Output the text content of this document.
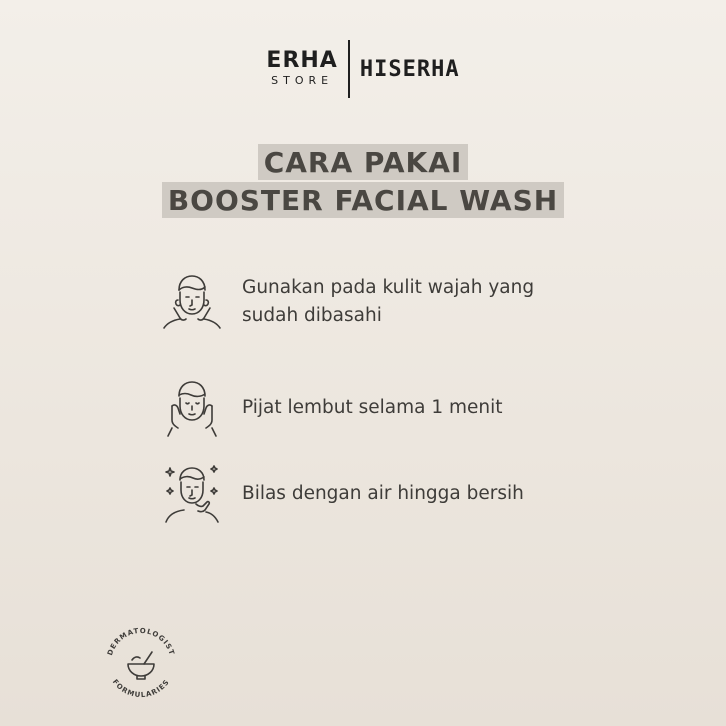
ERHA
STORE HISERHA
CARA PAKAI
BOOSTER FACIAL WASH
Gunakan pada kulit wajah yang sudah dibasahi
Pijat lembut selama 1 menit
Bilas dengan air hingga bersih
DERMATOLOGIST
FORMULARIES
